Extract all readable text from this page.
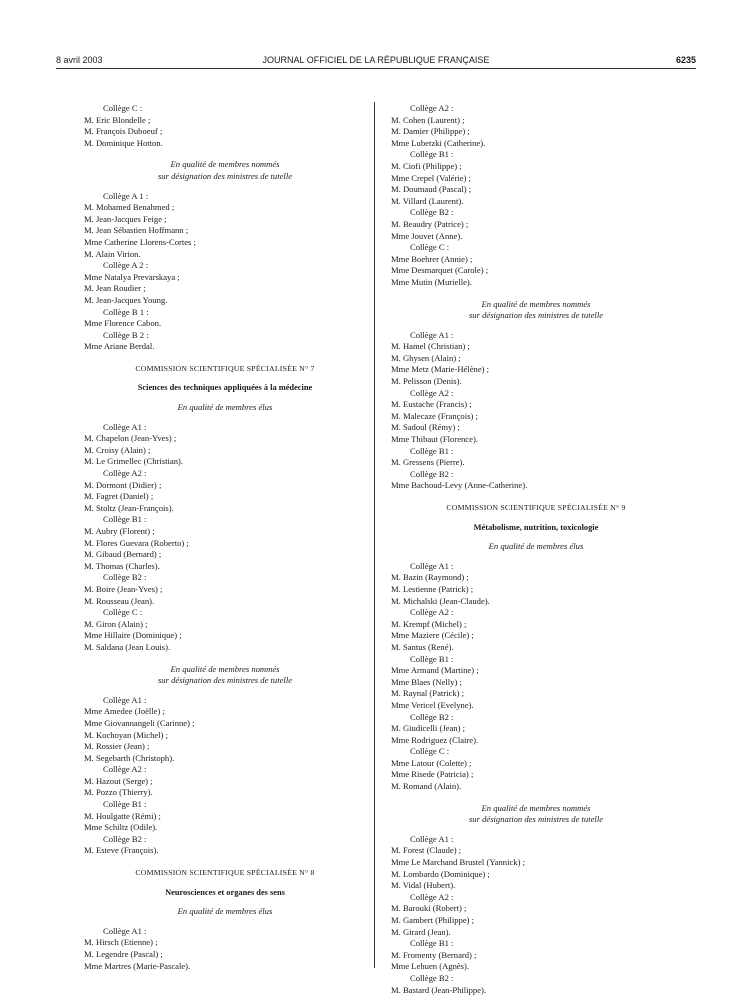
8 avril 2003	JOURNAL OFFICIEL DE LA RÉPUBLIQUE FRANÇAISE	6235
Collège C :
M. Eric Blondelle ;
M. François Duboeuf ;
M. Dominique Hotton.
En qualité de membres nommés
sur désignation des ministres de tutelle
Collège A 1 :
M. Mohamed Benahmed ;
M. Jean-Jacques Feige ;
M. Jean Sébastien Hoffmann ;
Mme Catherine Llorens-Cortes ;
M. Alain Virion.
Collège A 2 :
Mme Natalya Prevarskaya ;
M. Jean Roudier ;
M. Jean-Jacques Young.
Collège B 1 :
Mme Florence Cabon.
Collège B 2 :
Mme Ariane Berdal.
COMMISSION SCIENTIFIQUE SPÉCIALISÉE N° 7
Sciences des techniques appliquées à la médecine
En qualité de membres élus
Collège A1 :
M. Chapelon (Jean-Yves) ;
M. Croisy (Alain) ;
M. Le Grimellec (Christian).
Collège A2 :
M. Dormont (Didier) ;
M. Fagret (Daniel) ;
M. Stoltz (Jean-François).
Collège B1 :
M. Aubry (Florent) ;
M. Flores Guevara (Roberto) ;
M. Gibaud (Bernard) ;
M. Thomas (Charles).
Collège B2 :
M. Boire (Jean-Yves) ;
M. Rousseau (Jean).
Collège C :
M. Giron (Alain) ;
Mme Hillaire (Dominique) ;
M. Saldana (Jean Louis).
En qualité de membres nommés
sur désignation des ministres de tutelle
Collège A1 :
Mme Amedee (Joëlle) ;
Mme Giovannangeli (Carinne) ;
M. Kochoyan (Michel) ;
M. Rossier (Jean) ;
M. Segebarth (Christoph).
Collège A2 :
M. Hazout (Serge) ;
M. Pozzo (Thierry).
Collège B1 :
M. Houlgatte (Rémi) ;
Mme Schiltz (Odile).
Collège B2 :
M. Esteve (François).
COMMISSION SCIENTIFIQUE SPÉCIALISÉE N° 8
Neurosciences et organes des sens
En qualité de membres élus
Collège A1 :
M. Hirsch (Etienne) ;
M. Legendre (Pascal) ;
Mme Martres (Marie-Pascale).
Collège A2 :
M. Cohen (Laurent) ;
M. Damier (Philippe) ;
Mme Lubetzki (Catherine).
Collège B1 :
M. Ciofi (Philippe) ;
Mme Crepel (Valérie) ;
M. Doumaud (Pascal) ;
M. Villard (Laurent).
Collège B2 :
M. Beaudry (Patrice) ;
Mme Jouvet (Anne).
Collège C :
Mme Boehrer (Annie) ;
Mme Desmarquet (Carole) ;
Mme Mutin (Murielle).
En qualité de membres nommés
sur désignation des ministres de tutelle
Collège A1 :
M. Hamel (Christian) ;
M. Ghysen (Alain) ;
Mme Metz (Marie-Hélène) ;
M. Pelisson (Denis).
Collège A2 :
M. Eustache (Francis) ;
M. Malecaze (François) ;
M. Sadoul (Rémy) ;
Mme Thibaut (Florence).
Collège B1 :
M. Gressens (Pierre).
Collège B2 :
Mme Bachoud-Levy (Anne-Catherine).
COMMISSION SCIENTIFIQUE SPÉCIALISÉE N° 9
Métabolisme, nutrition, toxicologie
En qualité de membres élus
Collège A1 :
M. Bazin (Raymond) ;
M. Lestienne (Patrick) ;
M. Michalski (Jean-Claude).
Collège A2 :
M. Krempf (Michel) ;
Mme Maziere (Cécile) ;
M. Santus (René).
Collège B1 :
Mme Armand (Martine) ;
Mme Blaes (Nelly) ;
M. Raynal (Patrick) ;
Mme Vericel (Evelyne).
Collège B2 :
M. Giudicelli (Jean) ;
Mme Rodriguez (Claire).
Collège C :
Mme Latour (Colette) ;
Mme Risede (Patricia) ;
M. Romand (Alain).
En qualité de membres nommés
sur désignation des ministres de tutelle
Collège A1 :
M. Forest (Claude) ;
Mme Le Marchand Brustel (Yannick) ;
M. Lombardo (Dominique) ;
M. Vidal (Hubert).
Collège A2 :
M. Barouki (Robert) ;
M. Gambert (Philippe) ;
M. Girard (Jean).
Collège B1 :
M. Fromenty (Bernard) ;
Mme Lehuen (Agnès).
Collège B2 :
M. Bastard (Jean-Philippe).
